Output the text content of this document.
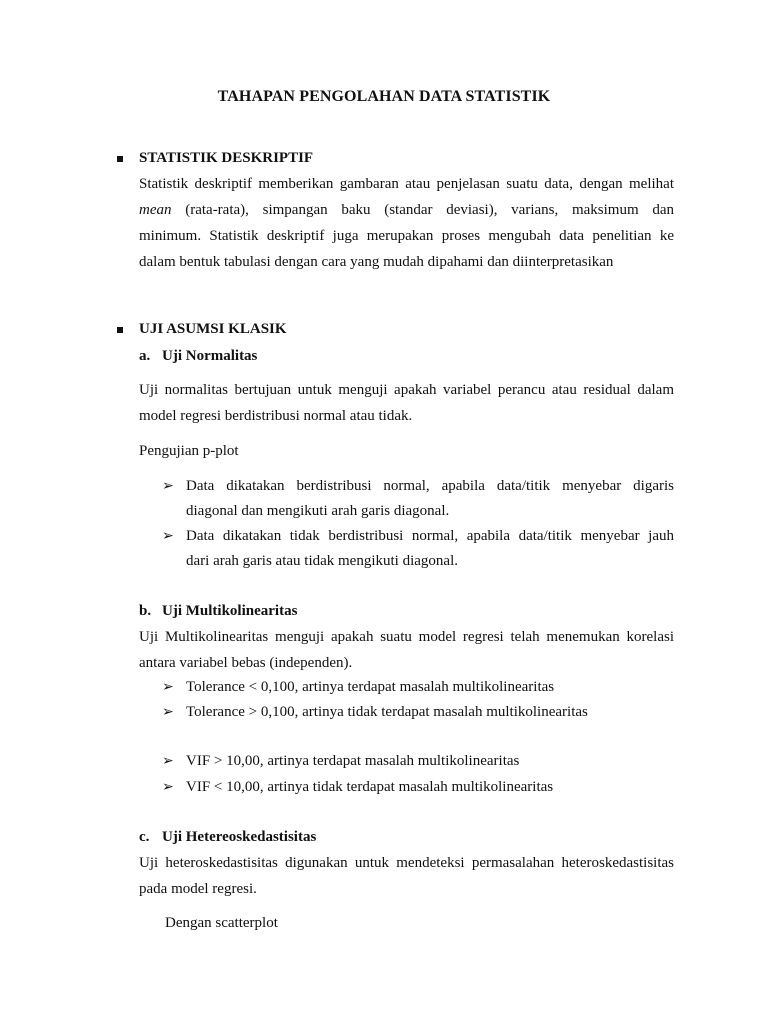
TAHAPAN PENGOLAHAN DATA STATISTIK
STATISTIK DESKRIPTIF
Statistik deskriptif memberikan gambaran atau penjelasan suatu data, dengan melihat
mean (rata-rata), simpangan baku (standar deviasi), varians, maksimum dan
minimum. Statistik deskriptif juga merupakan proses mengubah data penelitian ke
dalam bentuk tabulasi dengan cara yang mudah dipahami dan diinterpretasikan
UJI ASUMSI KLASIK
a. Uji Normalitas
Uji normalitas bertujuan untuk menguji apakah variabel perancu atau residual dalam
model regresi berdistribusi normal atau tidak.
Pengujian p-plot
➢ Data dikatakan berdistribusi normal, apabila data/titik menyebar digaris
diagonal dan mengikuti arah garis diagonal.
➢ Data dikatakan tidak berdistribusi normal, apabila data/titik menyebar jauh
dari arah garis atau tidak mengikuti diagonal.
b. Uji Multikolinearitas
Uji Multikolinearitas menguji apakah suatu model regresi telah menemukan korelasi
antara variabel bebas (independen).
➢ Tolerance < 0,100, artinya terdapat masalah multikolinearitas
➢ Tolerance > 0,100, artinya tidak terdapat masalah multikolinearitas
➢ VIF > 10,00, artinya terdapat masalah multikolinearitas
➢ VIF < 10,00, artinya tidak terdapat masalah multikolinearitas
c. Uji Hetereoskedastisitas
Uji heteroskedastisitas digunakan untuk mendeteksi permasalahan heteroskedastisitas
pada model regresi.
Dengan scatterplot
